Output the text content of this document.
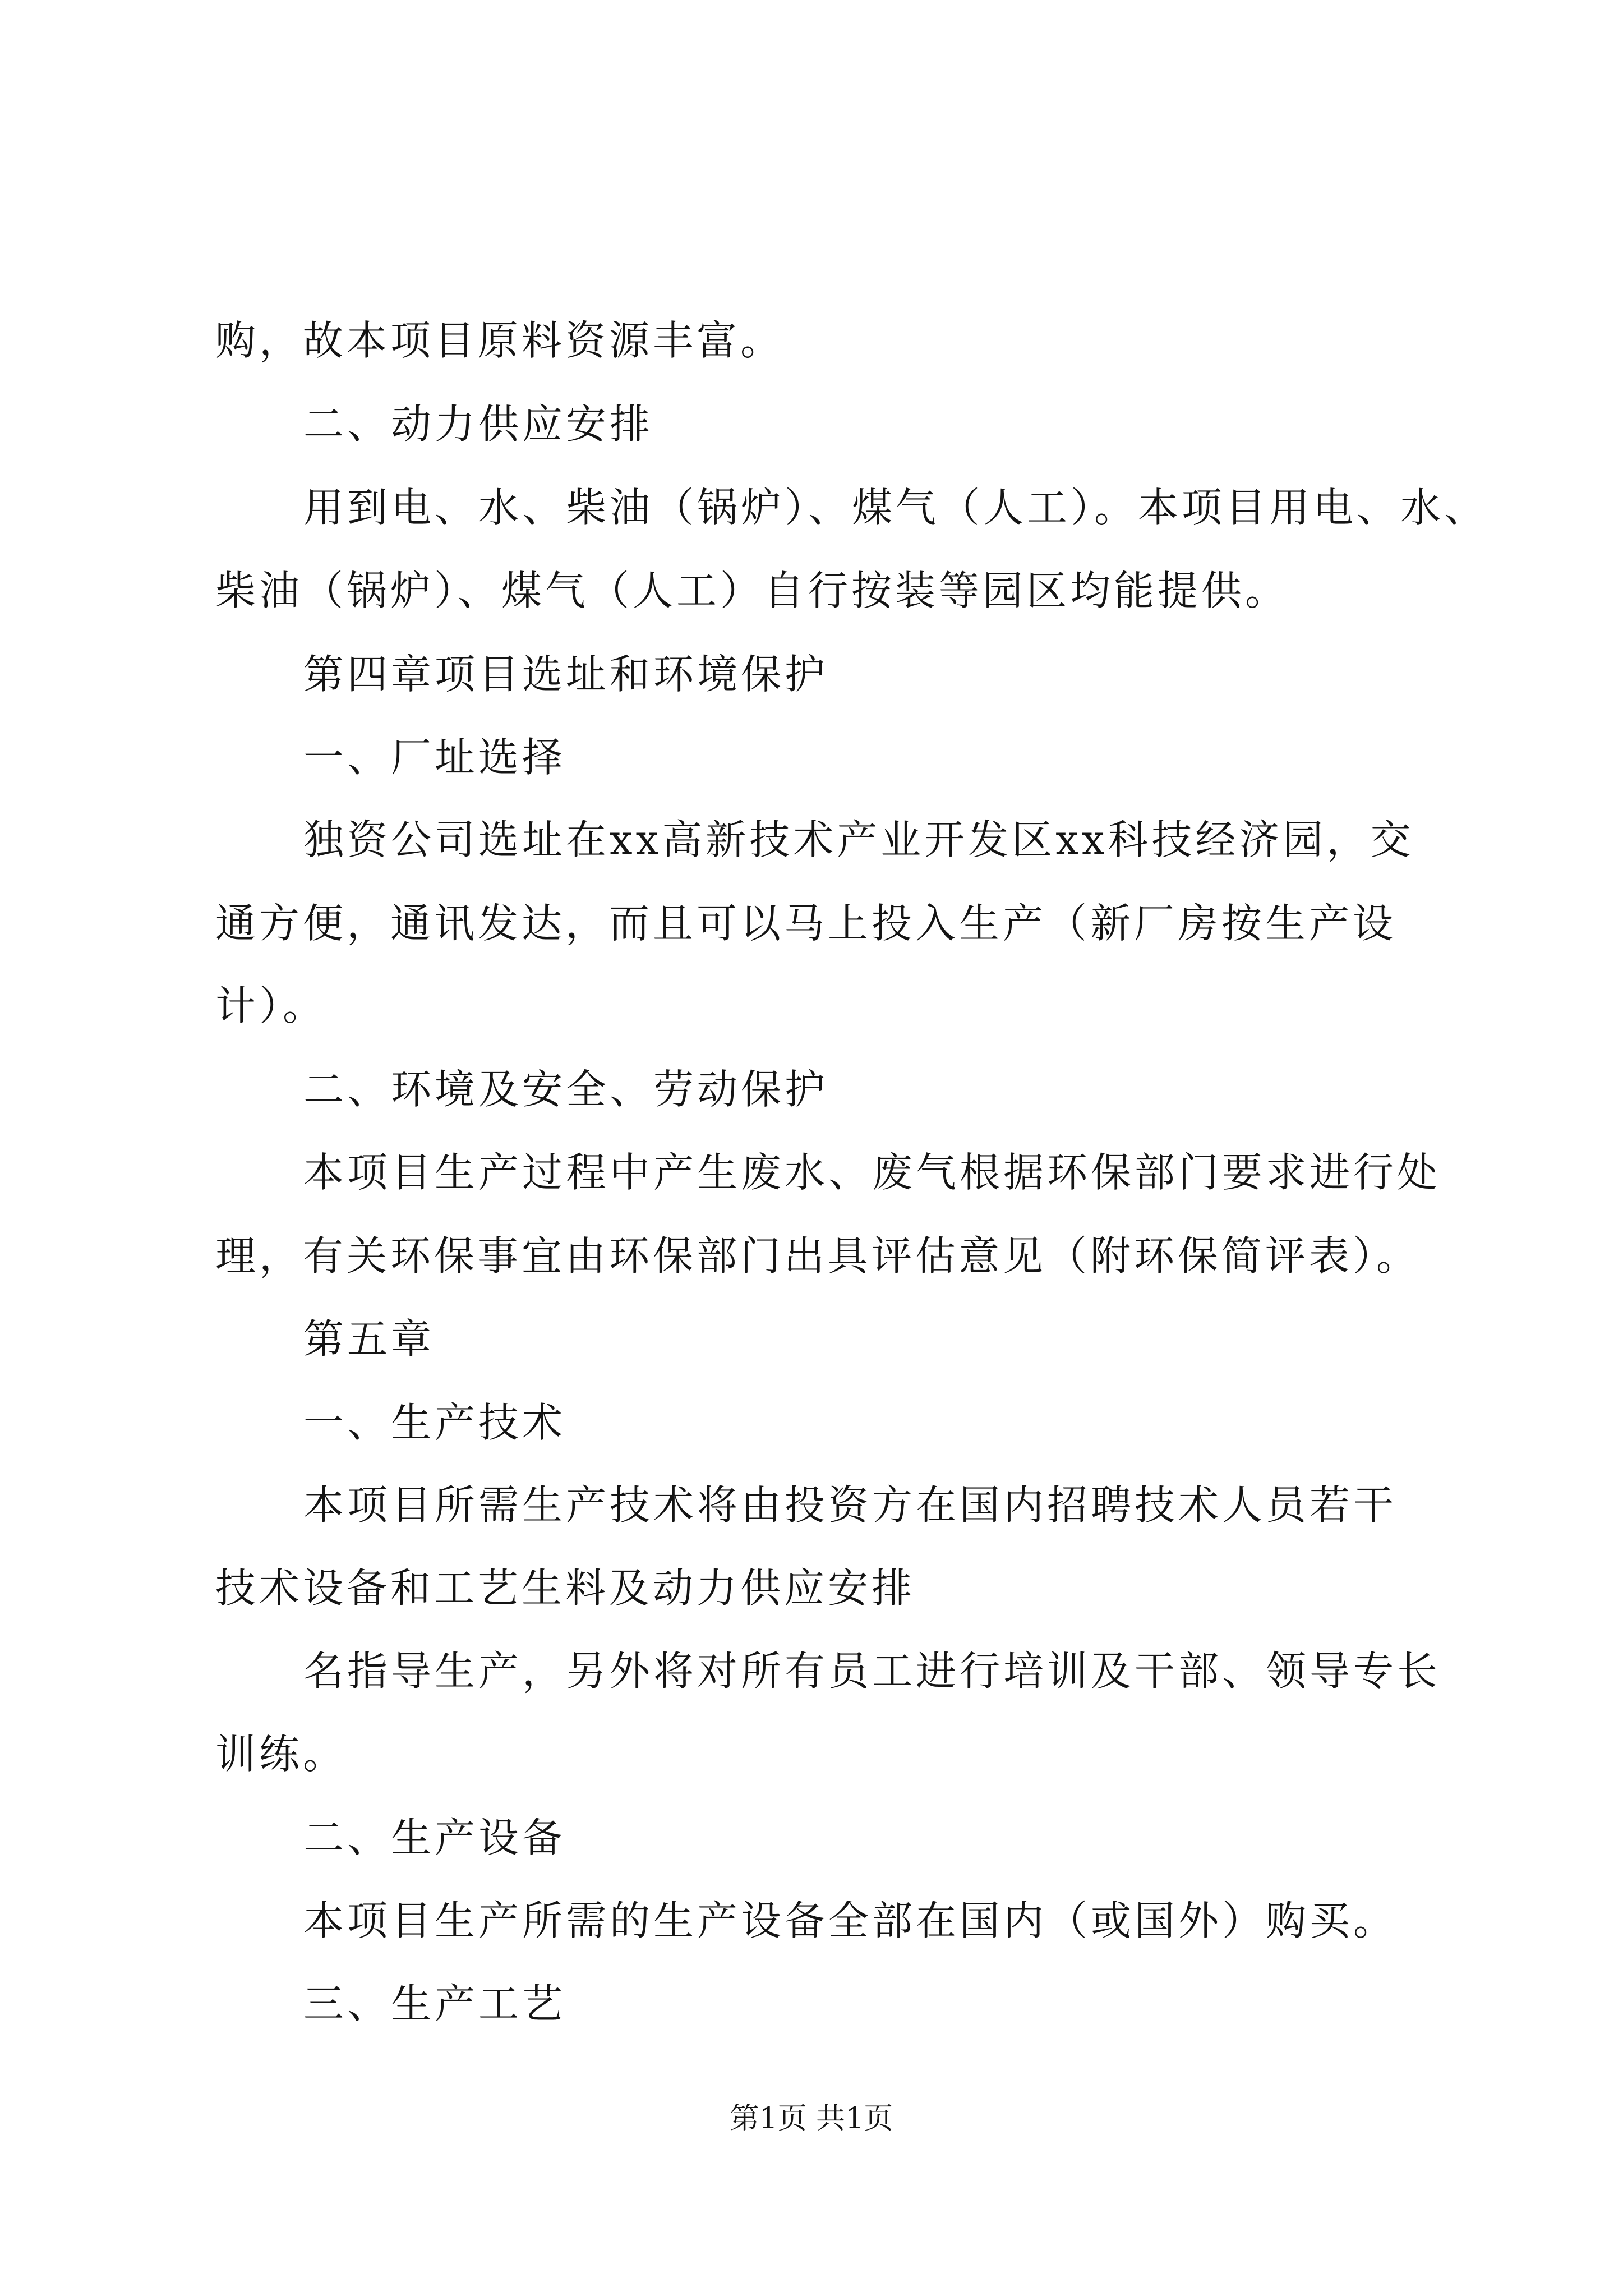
购，故本项目原料资源丰富。
二、动力供应安排
用到电、水、柴油（锅炉）、煤气（人工）。本项目用电、水、
柴油（锅炉）、煤气（人工）自行按装等园区均能提供。
第四章项目选址和环境保护
一、厂址选择
独资公司选址在xx高新技术产业开发区xx科技经济园，交
通方便，通讯发达，而且可以马上投入生产（新厂房按生产设
计）。
二、环境及安全、劳动保护
本项目生产过程中产生废水、废气根据环保部门要求进行处
理，有关环保事宜由环保部门出具评估意见（附环保简评表）。
第五章
一、生产技术
本项目所需生产技术将由投资方在国内招聘技术人员若干
技术设备和工艺生料及动力供应安排
名指导生产，另外将对所有员工进行培训及干部、领导专长
训练。
二、生产设备
本项目生产所需的生产设备全部在国内（或国外）购买。
三、生产工艺
第1页 共1页
